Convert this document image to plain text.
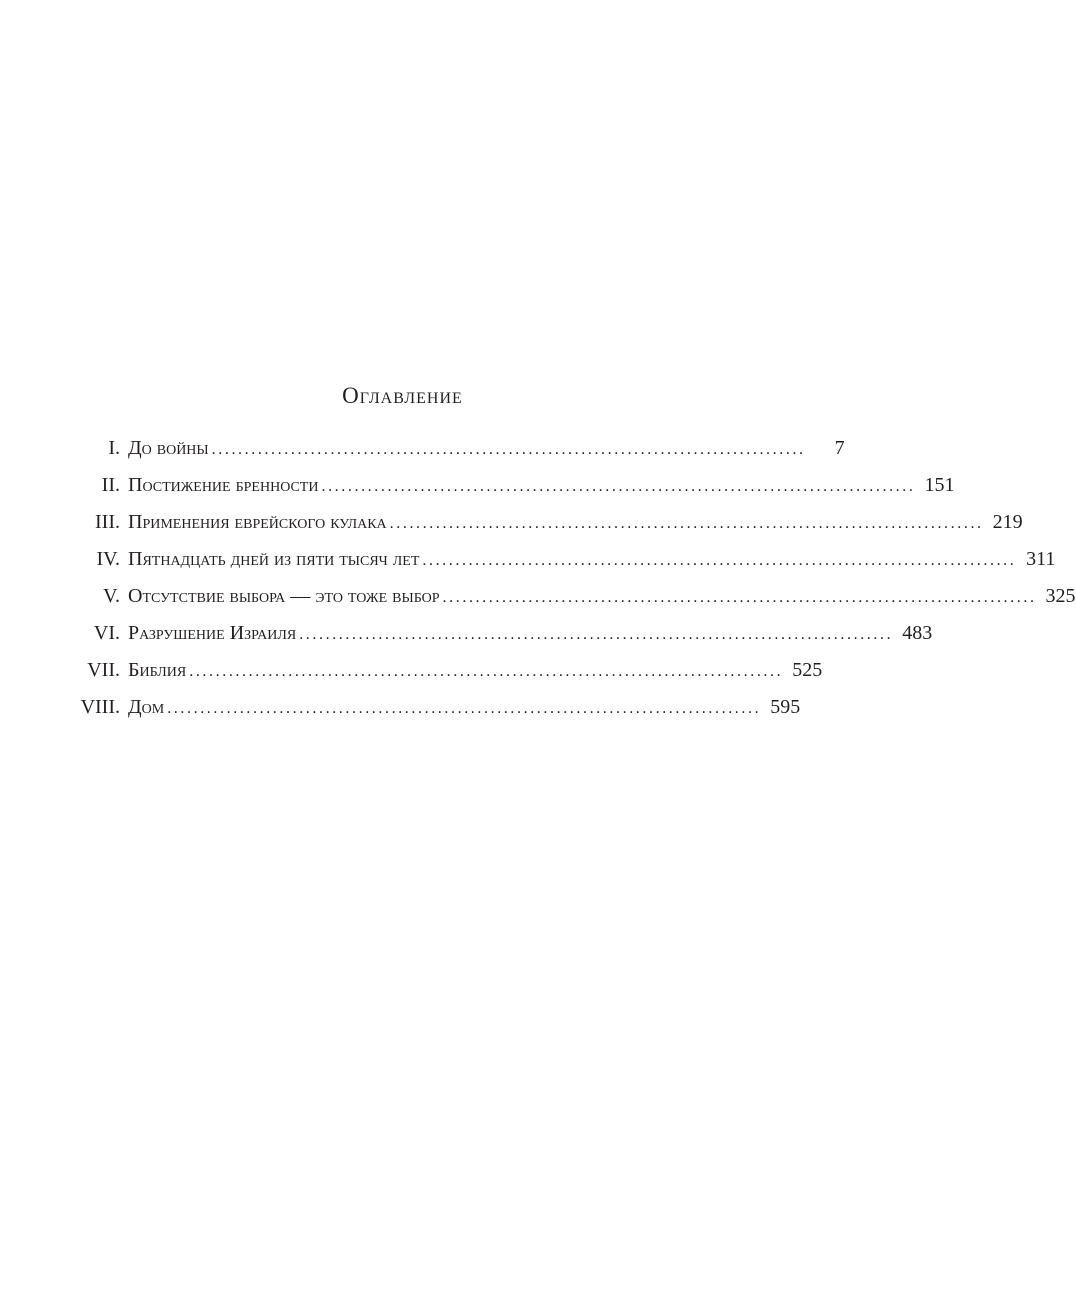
Оглавление
I. До войны ..........................................................................................	7
II. Постижение бренности .......................................................................................... 151
III. Применения еврейского кулака .......................................................................................... 219
IV. Пятнадцать дней из пяти тысяч лет .......................................................................................... 311
V. Отсутствие выбора — это тоже выбор .......................................................................................... 325
VI. Разрушение Израиля .......................................................................................... 483
VII. Библия .......................................................................................... 525
VIII. Дом .......................................................................................... 595
